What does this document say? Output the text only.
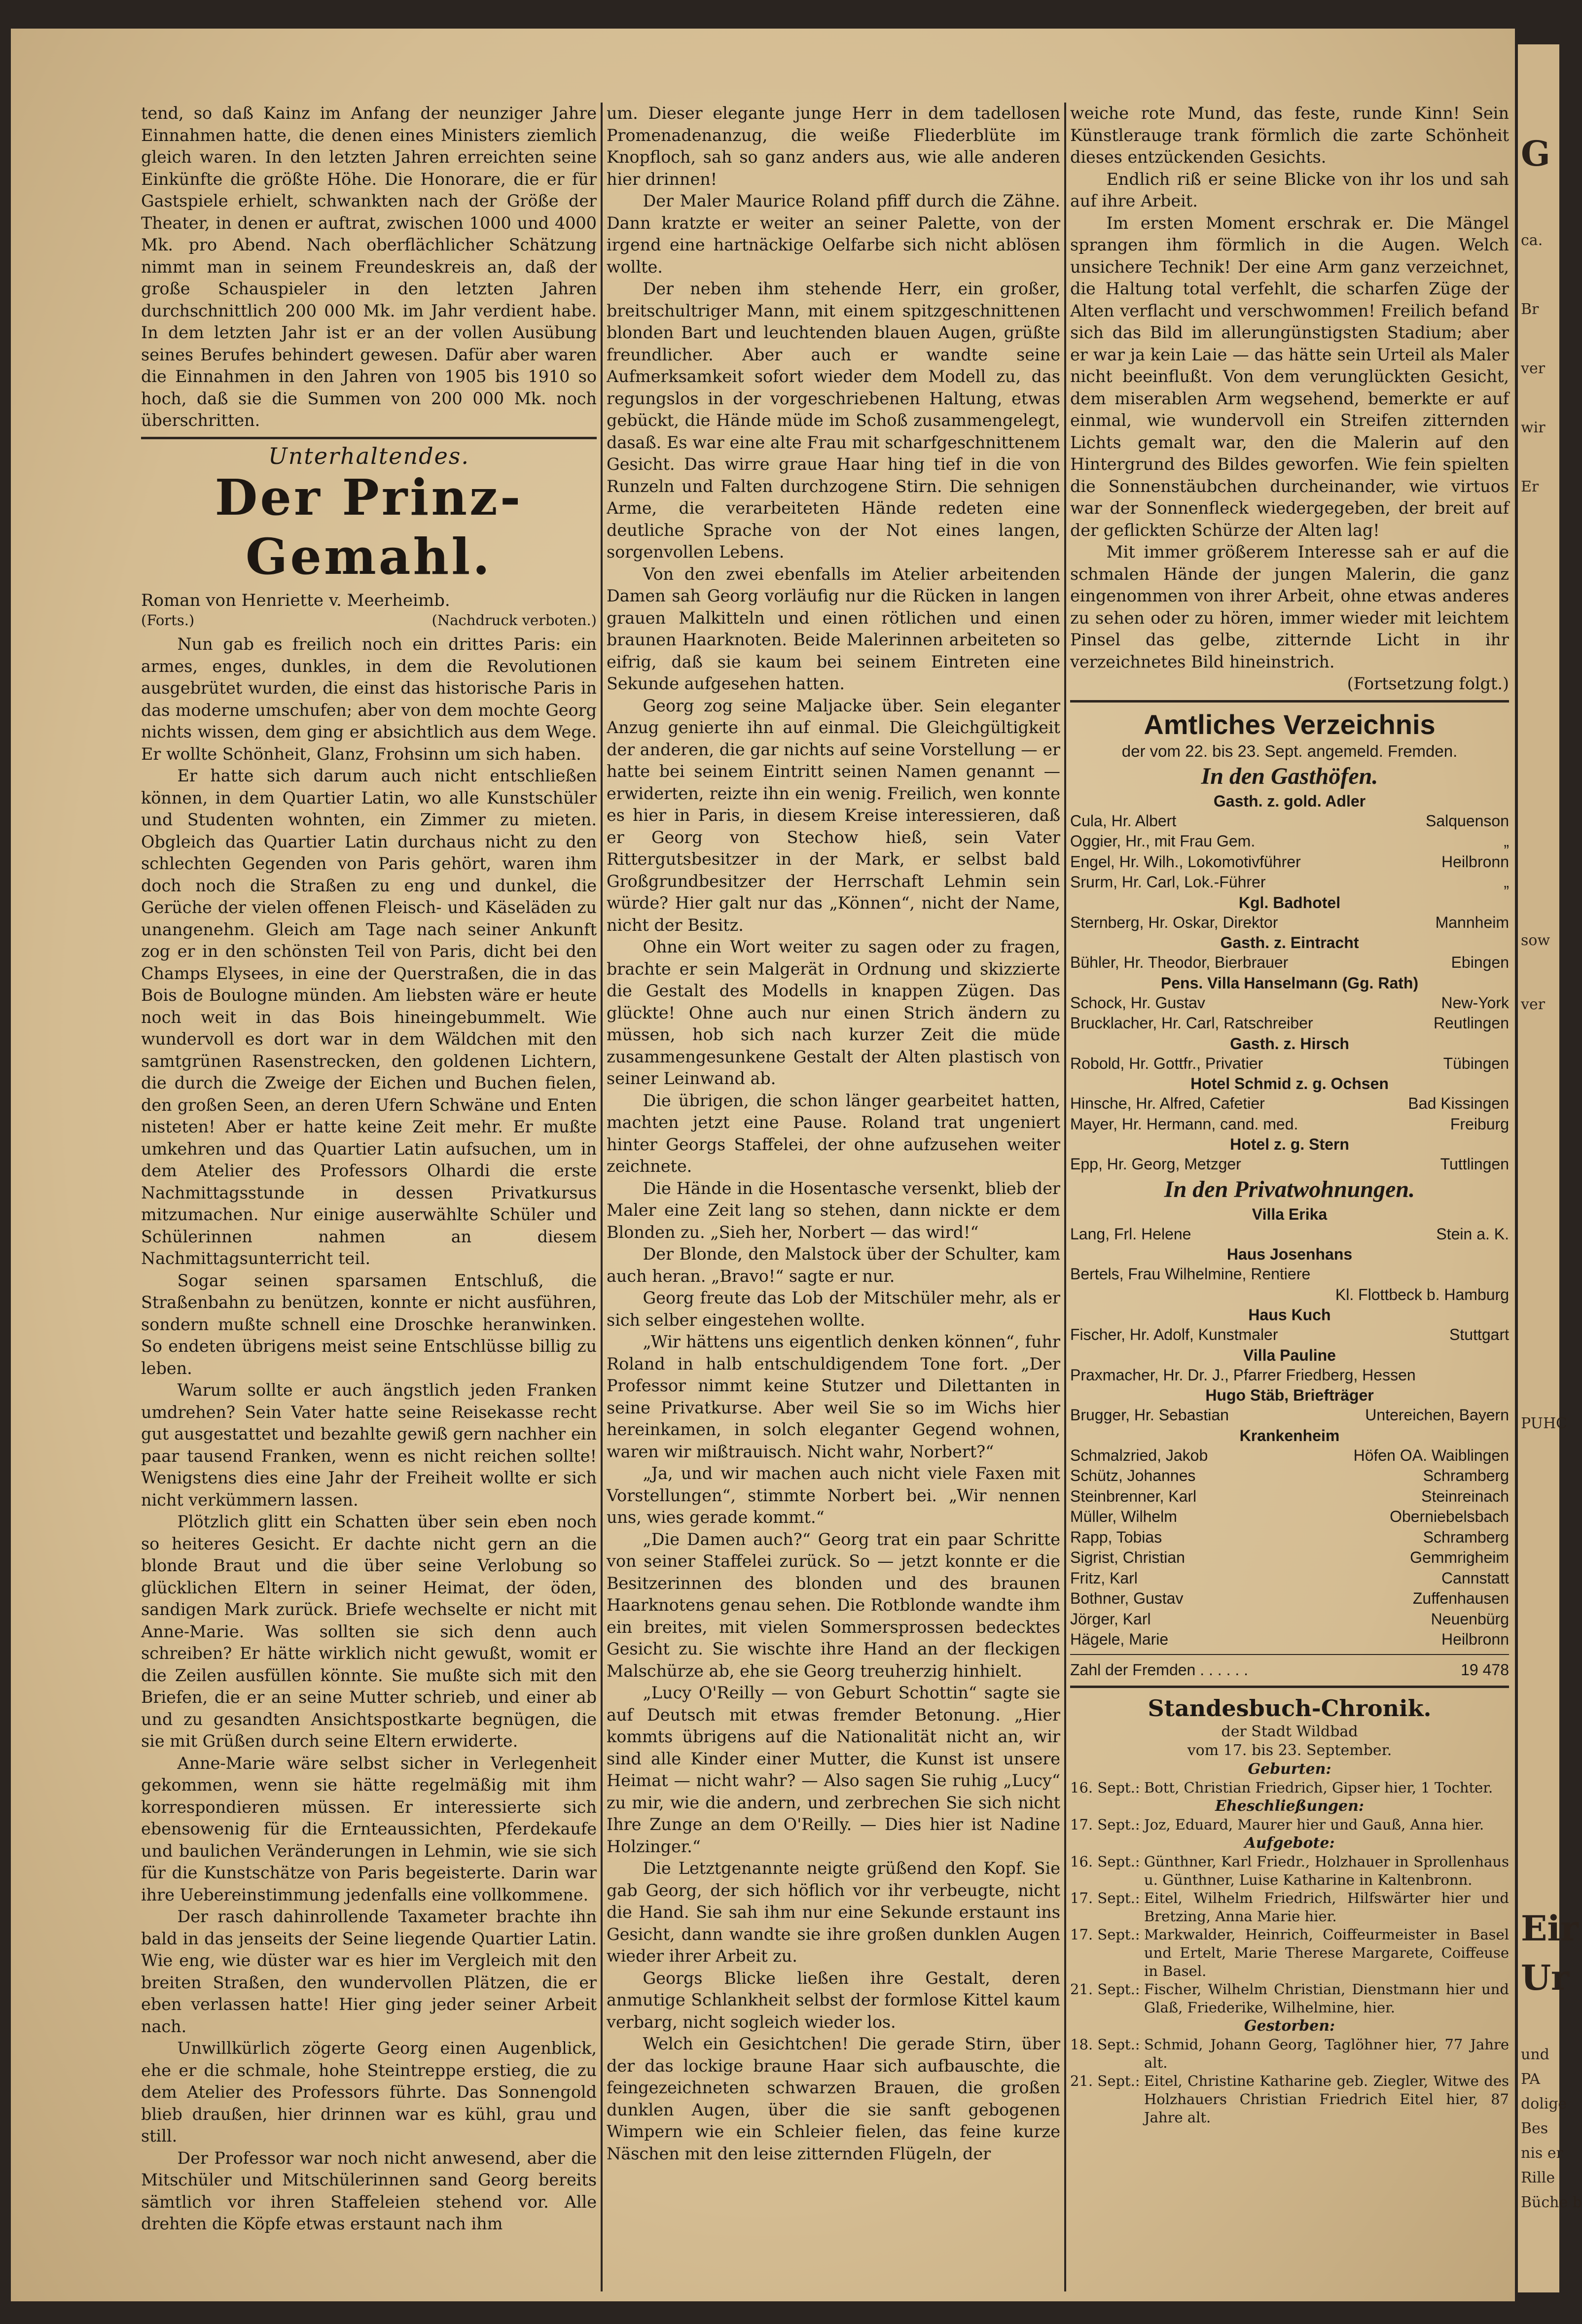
tend, so daß Kainz im Anfang der neunziger Jahre Einnahmen hatte, die denen eines Ministers ziemlich gleich waren. In den letzten Jahren erreichten seine Einkünfte die größte Höhe. Die Honorare, die er für Gastspiele erhielt, schwankten nach der Größe der Theater, in denen er auftrat, zwischen 1000 und 4000 Mk. pro Abend. Nach oberflächlicher Schätzung nimmt man in seinem Freundeskreis an, daß der große Schauspieler in den letzten Jahren durchschnittlich 200 000 Mk. im Jahr verdient habe. In dem letzten Jahr ist er an der vollen Ausübung seines Berufes behindert gewesen. Dafür aber waren die Einnahmen in den Jahren von 1905 bis 1910 so hoch, daß sie die Summen von 200 000 Mk. noch überschritten.

Unterhaltendes.
Der Prinz-Gemahl.
Roman von Henriette v. Meerheimb.
(Forts.)	(Nachdruck verboten.)

Nun gab es freilich noch ein drittes Paris: ein armes, enges, dunkles, in dem die Revolutionen ausgebrütet wurden, die einst das historische Paris in das moderne umschufen; aber von dem mochte Georg nichts wissen, dem ging er absichtlich aus dem Wege. Er wollte Schönheit, Glanz, Frohsinn um sich haben.

Er hatte sich darum auch nicht entschließen können, in dem Quartier Latin, wo alle Kunstschüler und Studenten wohnten, ein Zimmer zu mieten. Obgleich das Quartier Latin durchaus nicht zu den schlechten Gegenden von Paris gehört, waren ihm doch noch die Straßen zu eng und dunkel, die Gerüche der vielen offenen Fleisch- und Käseläden zu unangenehm. Gleich am Tage nach seiner Ankunft zog er in den schönsten Teil von Paris, dicht bei den Champs Elysees, in eine der Querstraßen, die in das Bois de Boulogne münden. Am liebsten wäre er heute noch weit in das Bois hineingebummelt. Wie wundervoll es dort war in dem Wäldchen mit den samtgrünen Rasenstrecken, den goldenen Lichtern, die durch die Zweige der Eichen und Buchen fielen, den großen Seen, an deren Ufern Schwäne und Enten nisteten! Aber er hatte keine Zeit mehr. Er mußte umkehren und das Quartier Latin aufsuchen, um in dem Atelier des Professors Olhardi die erste Nachmittagsstunde in dessen Privatkursus mitzumachen. Nur einige auserwählte Schüler und Schülerinnen nahmen an diesem Nachmittagsunterricht teil.

Sogar seinen sparsamen Entschluß, die Straßenbahn zu benützen, konnte er nicht ausführen, sondern mußte schnell eine Droschke heranwinken. So endeten übrigens meist seine Entschlüsse billig zu leben.

Warum sollte er auch ängstlich jeden Franken umdrehen? Sein Vater hatte seine Reisekasse recht gut ausgestattet und bezahlte gewiß gern nachher ein paar tausend Franken, wenn es nicht reichen sollte! Wenigstens dies eine Jahr der Freiheit wollte er sich nicht verkümmern lassen.

Plötzlich glitt ein Schatten über sein eben noch so heiteres Gesicht. Er dachte nicht gern an die blonde Braut und die über seine Verlobung so glücklichen Eltern in seiner Heimat, der öden, sandigen Mark zurück. Briefe wechselte er nicht mit Anne-Marie. Was sollten sie sich denn auch schreiben? Er hätte wirklich nicht gewußt, womit er die Zeilen ausfüllen könnte. Sie mußte sich mit den Briefen, die er an seine Mutter schrieb, und einer ab und zu gesandten Ansichtspostkarte begnügen, die sie mit Grüßen durch seine Eltern erwiderte.

Anne-Marie wäre selbst sicher in Verlegenheit gekommen, wenn sie hätte regelmäßig mit ihm korrespondieren müssen. Er interessierte sich ebensowenig für die Ernteaussichten, Pferdekaufe und baulichen Veränderungen in Lehmin, wie sie sich für die Kunstschätze von Paris begeisterte. Darin war ihre Uebereinstimmung jedenfalls eine vollkommene.

Der rasch dahinrollende Taxameter brachte ihn bald in das jenseits der Seine liegende Quartier Latin. Wie eng, wie düster war es hier im Vergleich mit den breiten Straßen, den wundervollen Plätzen, die er eben verlassen hatte! Hier ging jeder seiner Arbeit nach.

Unwillkürlich zögerte Georg einen Augenblick, ehe er die schmale, hohe Steintreppe erstieg, die zu dem Atelier des Professors führte. Das Sonnengold blieb draußen, hier drinnen war es kühl, grau und still.

Der Professor war noch nicht anwesend, aber die Mitschüler und Mitschülerinnen sand Georg bereits sämtlich vor ihren Staffeleien stehend vor. Alle drehten die Köpfe etwas erstaunt nach ihm

um. Dieser elegante junge Herr in dem tadellosen Promenadenanzug, die weiße Fliederblüte im Knopfloch, sah so ganz anders aus, wie alle anderen hier drinnen!

Der Maler Maurice Roland pfiff durch die Zähne. Dann kratzte er weiter an seiner Palette, von der irgend eine hartnäckige Oelfarbe sich nicht ablösen wollte.

Der neben ihm stehende Herr, ein großer, breitschultriger Mann, mit einem spitzgeschnittenen blonden Bart und leuchtenden blauen Augen, grüßte freundlicher. Aber auch er wandte seine Aufmerksamkeit sofort wieder dem Modell zu, das regungslos in der vorgeschriebenen Haltung, etwas gebückt, die Hände müde im Schoß zusammengelegt, dasaß. Es war eine alte Frau mit scharfgeschnittenem Gesicht. Das wirre graue Haar hing tief in die von Runzeln und Falten durchzogene Stirn. Die sehnigen Arme, die verarbeiteten Hände redeten eine deutliche Sprache von der Not eines langen, sorgenvollen Lebens.

Von den zwei ebenfalls im Atelier arbeitenden Damen sah Georg vorläufig nur die Rücken in langen grauen Malkitteln und einen rötlichen und einen braunen Haarknoten. Beide Malerinnen arbeiteten so eifrig, daß sie kaum bei seinem Eintreten eine Sekunde aufgesehen hatten.

Georg zog seine Maljacke über. Sein eleganter Anzug genierte ihn auf einmal. Die Gleichgültigkeit der anderen, die gar nichts auf seine Vorstellung — er hatte bei seinem Eintritt seinen Namen genannt — erwiderten, reizte ihn ein wenig. Freilich, wen konnte es hier in Paris, in diesem Kreise interessieren, daß er Georg von Stechow hieß, sein Vater Rittergutsbesitzer in der Mark, er selbst bald Großgrundbesitzer der Herrschaft Lehmin sein würde? Hier galt nur das „Können“, nicht der Name, nicht der Besitz.

Ohne ein Wort weiter zu sagen oder zu fragen, brachte er sein Malgerät in Ordnung und skizzierte die Gestalt des Modells in knappen Zügen. Das glückte! Ohne auch nur einen Strich ändern zu müssen, hob sich nach kurzer Zeit die müde zusammengesunkene Gestalt der Alten plastisch von seiner Leinwand ab.

Die übrigen, die schon länger gearbeitet hatten, machten jetzt eine Pause. Roland trat ungeniert hinter Georgs Staffelei, der ohne aufzusehen weiter zeichnete.

Die Hände in die Hosentasche versenkt, blieb der Maler eine Zeit lang so stehen, dann nickte er dem Blonden zu. „Sieh her, Norbert — das wird!“

Der Blonde, den Malstock über der Schulter, kam auch heran. „Bravo!“ sagte er nur.

Georg freute das Lob der Mitschüler mehr, als er sich selber eingestehen wollte.

„Wir hättens uns eigentlich denken können“, fuhr Roland in halb entschuldigendem Tone fort. „Der Professor nimmt keine Stutzer und Dilettanten in seine Privatkurse. Aber weil Sie so im Wichs hier hereinkamen, in solch eleganter Gegend wohnen, waren wir mißtrauisch. Nicht wahr, Norbert?“

„Ja, und wir machen auch nicht viele Faxen mit Vorstellungen“, stimmte Norbert bei. „Wir nennen uns, wies gerade kommt.“

„Die Damen auch?“ Georg trat ein paar Schritte von seiner Staffelei zurück. So — jetzt konnte er die Besitzerinnen des blonden und des braunen Haarknotens genau sehen. Die Rotblonde wandte ihm ein breites, mit vielen Sommersprossen bedecktes Gesicht zu. Sie wischte ihre Hand an der fleckigen Malschürze ab, ehe sie Georg treuherzig hinhielt.

„Lucy O'Reilly — von Geburt Schottin“ sagte sie auf Deutsch mit etwas fremder Betonung. „Hier kommts übrigens auf die Nationalität nicht an, wir sind alle Kinder einer Mutter, die Kunst ist unsere Heimat — nicht wahr? — Also sagen Sie ruhig „Lucy“ zu mir, wie die andern, und zerbrechen Sie sich nicht Ihre Zunge an dem O'Reilly. — Dies hier ist Nadine Holzinger.“

Die Letztgenannte neigte grüßend den Kopf. Sie gab Georg, der sich höflich vor ihr verbeugte, nicht die Hand. Sie sah ihm nur eine Sekunde erstaunt ins Gesicht, dann wandte sie ihre großen dunklen Augen wieder ihrer Arbeit zu.

Georgs Blicke ließen ihre Gestalt, deren anmutige Schlankheit selbst der formlose Kittel kaum verbarg, nicht sogleich wieder los.

Welch ein Gesichtchen! Die gerade Stirn, über der das lockige braune Haar sich aufbauschte, die feingezeichneten schwarzen Brauen, die großen dunklen Augen, über die sie sanft gebogenen Wimpern wie ein Schleier fielen, das feine kurze Näschen mit den leise zitternden Flügeln, der

weiche rote Mund, das feste, runde Kinn! Sein Künstlerauge trank förmlich die zarte Schönheit dieses entzückenden Gesichts.

Endlich riß er seine Blicke von ihr los und sah auf ihre Arbeit.

Im ersten Moment erschrak er. Die Mängel sprangen ihm förmlich in die Augen. Welch unsichere Technik! Der eine Arm ganz verzeichnet, die Haltung total verfehlt, die scharfen Züge der Alten verflacht und verschwommen! Freilich befand sich das Bild im allerungünstigsten Stadium; aber er war ja kein Laie — das hätte sein Urteil als Maler nicht beeinflußt. Von dem verunglückten Gesicht, dem miserablen Arm wegsehend, bemerkte er auf einmal, wie wundervoll ein Streifen zitternden Lichts gemalt war, den die Malerin auf den Hintergrund des Bildes geworfen. Wie fein spielten die Sonnenstäubchen durcheinander, wie virtuos war der Sonnenfleck wiedergegeben, der breit auf der geflickten Schürze der Alten lag!

Mit immer größerem Interesse sah er auf die schmalen Hände der jungen Malerin, die ganz eingenommen von ihrer Arbeit, ohne etwas anderes zu sehen oder zu hören, immer wieder mit leichtem Pinsel das gelbe, zitternde Licht in ihr verzeichnetes Bild hineinstrich.

(Fortsetzung folgt.)
Amtliches Verzeichnis
der vom 22. bis 23. Sept. angemeld. Fremden.
In den Gasthöfen.
Gasth. z. gold. Adler
Cula, Hr. Albert	Salquenson
Oggier, Hr., mit Frau Gem.	„
Engel, Hr. Wilh., Lokomotivführer	Heilbronn
Srurm, Hr. Carl, Lok.-Führer	„
Kgl. Badhotel
Sternberg, Hr. Oskar, Direktor	Mannheim
Gasth. z. Eintracht
Bühler, Hr. Theodor, Bierbrauer	Ebingen
Pens. Villa Hanselmann (Gg. Rath)
Schock, Hr. Gustav	New-York
Brucklacher, Hr. Carl, Ratschreiber	Reutlingen
Gasth. z. Hirsch
Robold, Hr. Gottfr., Privatier	Tübingen
Hotel Schmid z. g. Ochsen
Hinsche, Hr. Alfred, Cafetier	Bad Kissingen
Mayer, Hr. Hermann, cand. med.	Freiburg
Hotel z. g. Stern
Epp, Hr. Georg, Metzger	Tuttlingen
In den Privatwohnungen.
Villa Erika
Lang, Frl. Helene	Stein a. K.
Haus Josenhans
Bertels, Frau Wilhelmine, Rentiere
Kl. Flottbeck b. Hamburg
Haus Kuch
Fischer, Hr. Adolf, Kunstmaler	Stuttgart
Villa Pauline
Praxmacher, Hr. Dr. J., Pfarrer Friedberg, Hessen
Hugo Stäb, Briefträger
Brugger, Hr. Sebastian	Untereichen, Bayern
Krankenheim
Schmalzried, Jakob	Höfen OA. Waiblingen
Schütz, Johannes	Schramberg
Steinbrenner, Karl	Steinreinach
Müller, Wilhelm	Oberniebelsbach
Rapp, Tobias	Schramberg
Sigrist, Christian	Gemmrigheim
Fritz, Karl	Cannstatt
Bothner, Gustav	Zuffenhausen
Jörger, Karl	Neuenbürg
Hägele, Marie	Heilbronn
Zahl der Fremden . . . . . .	19 478
Standesbuch-Chronik.
der Stadt Wildbad
vom 17. bis 23. September.
Geburten:
16. Sept.: Bott, Christian Friedrich, Gipser hier, 1 Tochter.
Eheschließungen:
17. Sept.: Joz, Eduard, Maurer hier und Gauß, Anna hier.
Aufgebote:
16. Sept.: Günthner, Karl Friedr., Holzhauer in Sprollenhaus u. Günthner, Luise Katharine in Kaltenbronn.
17. Sept.: Eitel, Wilhelm Friedrich, Hilfswärter hier und Bretzing, Anna Marie hier.
17. Sept.: Markwalder, Heinrich, Coiffeurmeister in Basel und Ertelt, Marie Therese Margarete, Coiffeuse in Basel.
21. Sept.: Fischer, Wilhelm Christian, Dienstmann hier und Glaß, Friederike, Wilhelmine, hier.
Gestorben:
18. Sept.: Schmid, Johann Georg, Taglöhner hier, 77 Jahre alt.
21. Sept.: Eitel, Christine Katharine geb. Ziegler, Witwe des Holzhauers Christian Friedrich Eitel hier, 87 Jahre alt.
G
ca.
Br
ver
wir
Er
sow
ver
PUHC
Eir
Ur
und
PA
dolige
Bes
nis er
Rille
Büche b
